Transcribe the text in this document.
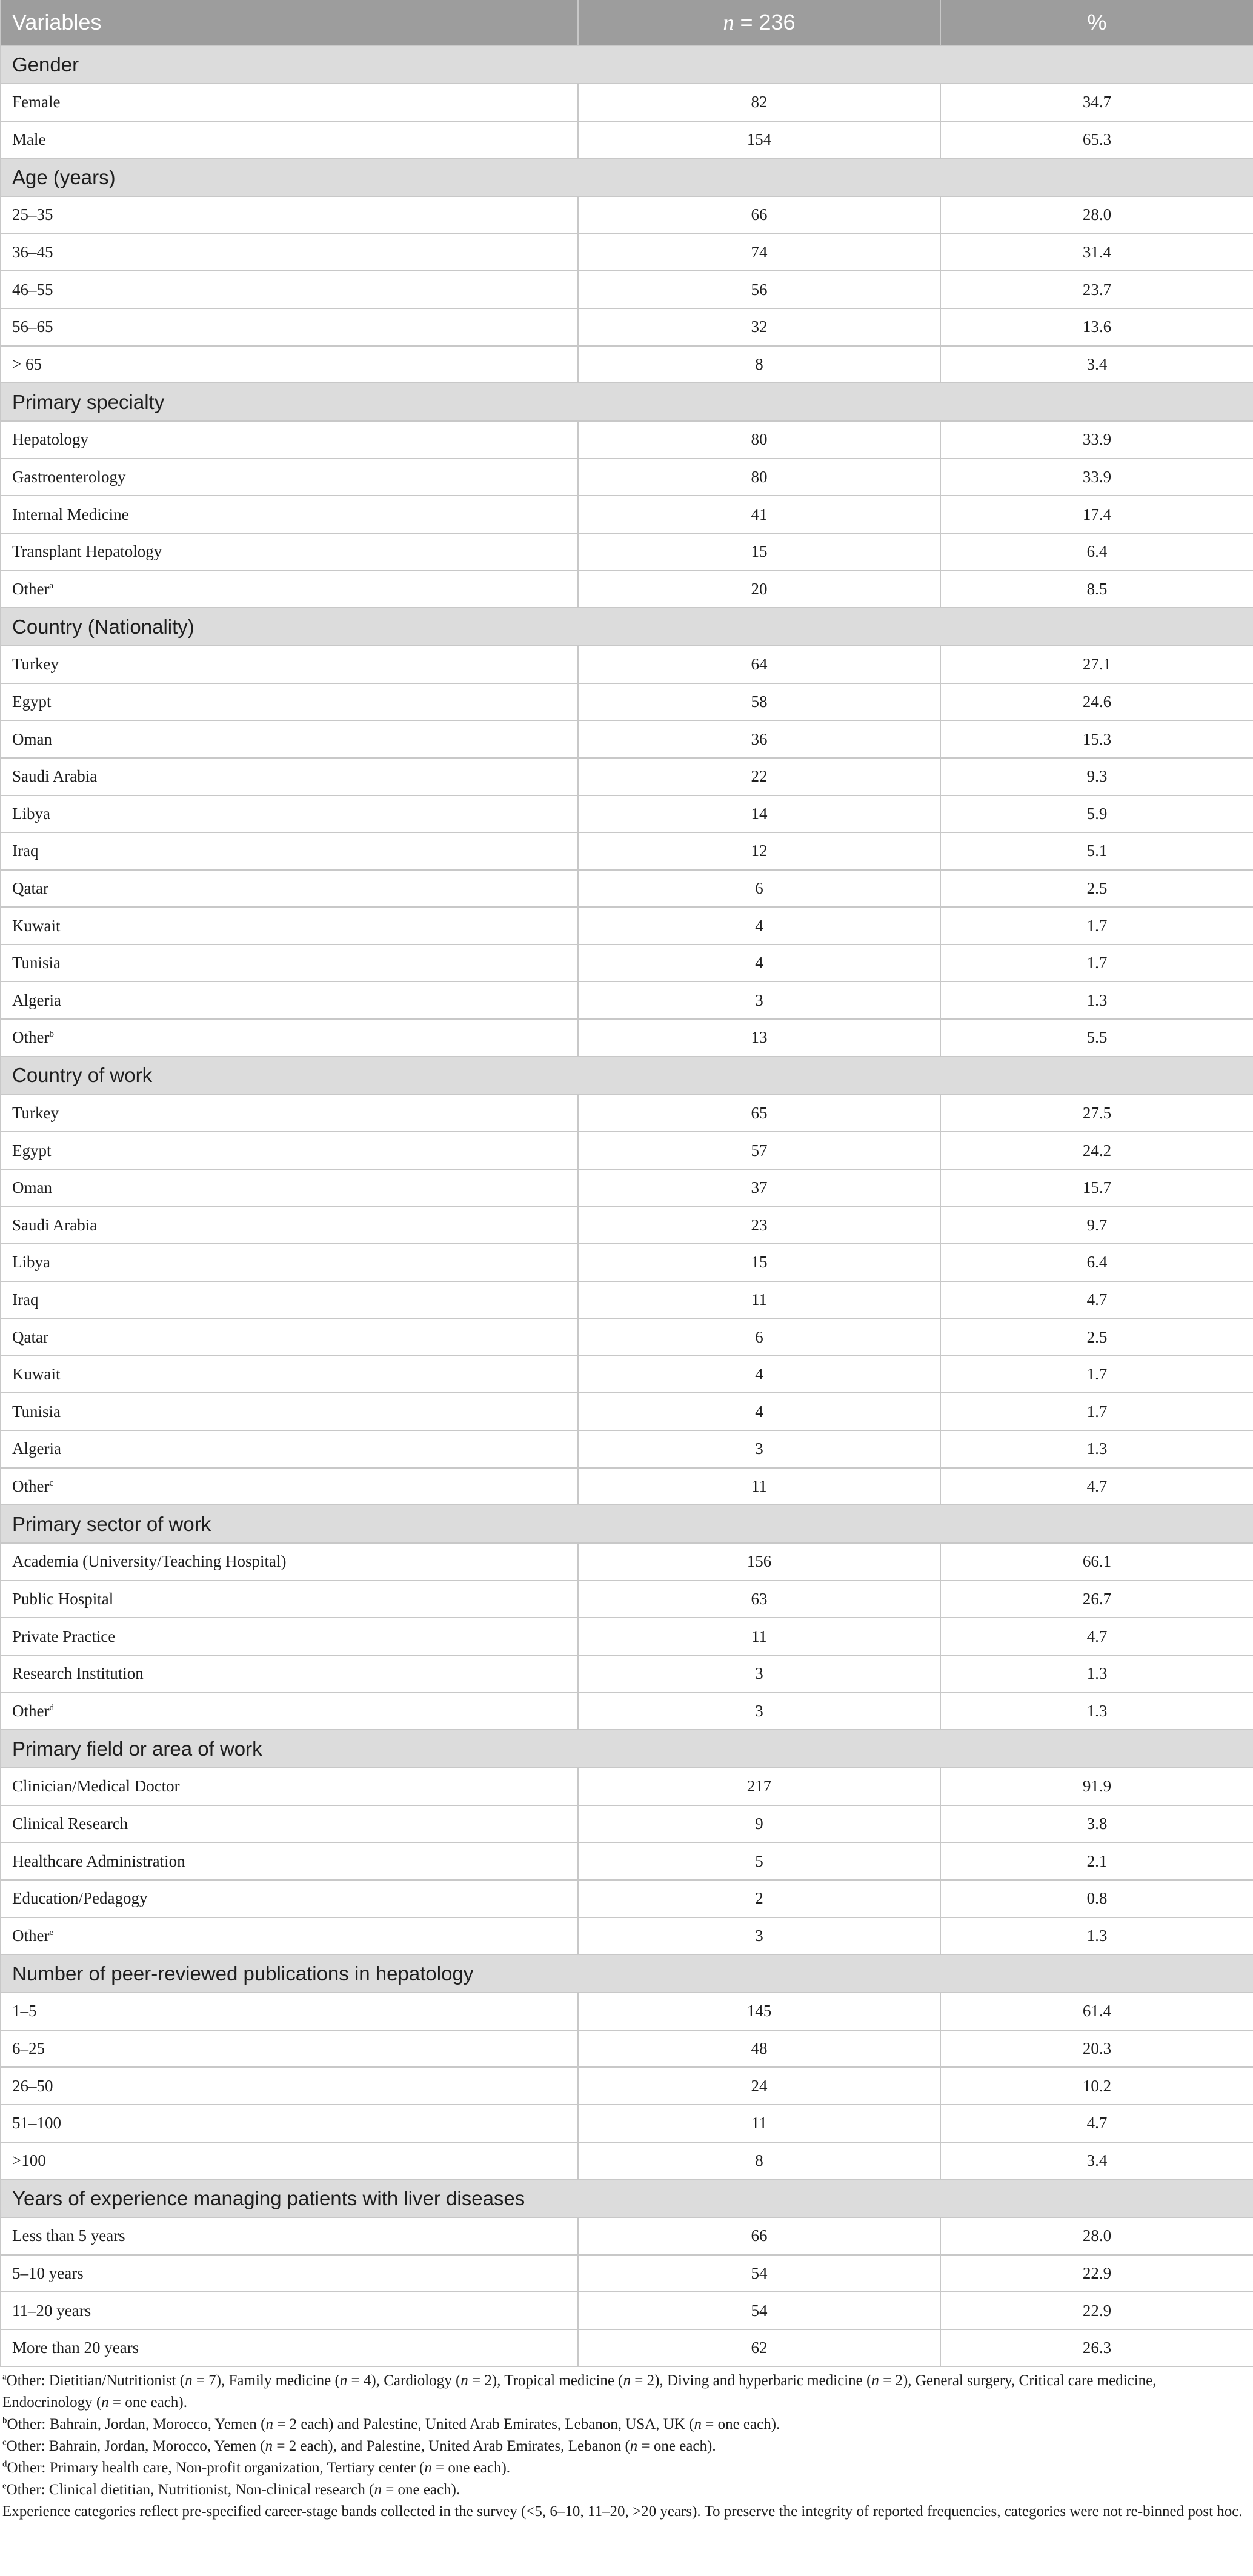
Variables	n = 236	%
Gender		
Female	82	34.7
Male	154	65.3
Age (years)		
25–35	66	28.0
36–45	74	31.4
46–55	56	23.7
56–65	32	13.6
> 65	8	3.4
Primary specialty		
Hepatology	80	33.9
Gastroenterology	80	33.9
Internal Medicine	41	17.4
Transplant Hepatology	15	6.4
Other$^a$	20	8.5
Country (Nationality)		
Turkey	64	27.1
Egypt	58	24.6
Oman	36	15.3
Saudi Arabia	22	9.3
Libya	14	5.9
Iraq	12	5.1
Qatar	6	2.5
Kuwait	4	1.7
Tunisia	4	1.7
Algeria	3	1.3
Other$^b$	13	5.5
Country of work		
Turkey	65	27.5
Egypt	57	24.2
Oman	37	15.7
Saudi Arabia	23	9.7
Libya	15	6.4
Iraq	11	4.7
Qatar	6	2.5
Kuwait	4	1.7
Tunisia	4	1.7
Algeria	3	1.3
Other$^c$	11	4.7
Primary sector of work		
Academia (University/Teaching Hospital)	156	66.1
Public Hospital	63	26.7
Private Practice	11	4.7
Research Institution	3	1.3
Other$^d$	3	1.3
Primary field or area of work		
Clinician/Medical Doctor	217	91.9
Clinical Research	9	3.8
Healthcare Administration	5	2.1
Education/Pedagogy	2	0.8
Other$^e$	3	1.3
Number of peer-reviewed publications in hepatology		
1–5	145	61.4
6–25	48	20.3
26–50	24	10.2
51–100	11	4.7
>100	8	3.4
Years of experience managing patients with liver diseases		
Less than 5 years	66	28.0
5–10 years	54	22.9
11–20 years	54	22.9
More than 20 years	62	26.3

$^a$Other: Dietitian/Nutritionist (n = 7), Family medicine (n = 4), Cardiology (n = 2), Tropical medicine (n = 2), Diving and hyperbaric medicine (n = 2), General surgery, Critical care medicine, Endocrinology (n = one each).

$^b$Other: Bahrain, Jordan, Morocco, Yemen (n = 2 each) and Palestine, United Arab Emirates, Lebanon, USA, UK (n = one each).

$^c$Other: Bahrain, Jordan, Morocco, Yemen (n = 2 each), and Palestine, United Arab Emirates, Lebanon (n = one each).

$^d$Other: Primary health care, Non-profit organization, Tertiary center (n = one each).

$^e$Other: Clinical dietitian, Nutritionist, Non-clinical research (n = one each).

Experience categories reflect pre-specified career-stage bands collected in the survey (<5, 6–10, 11–20, >20 years). To preserve the integrity of reported frequencies, categories were not re-binned post hoc.
